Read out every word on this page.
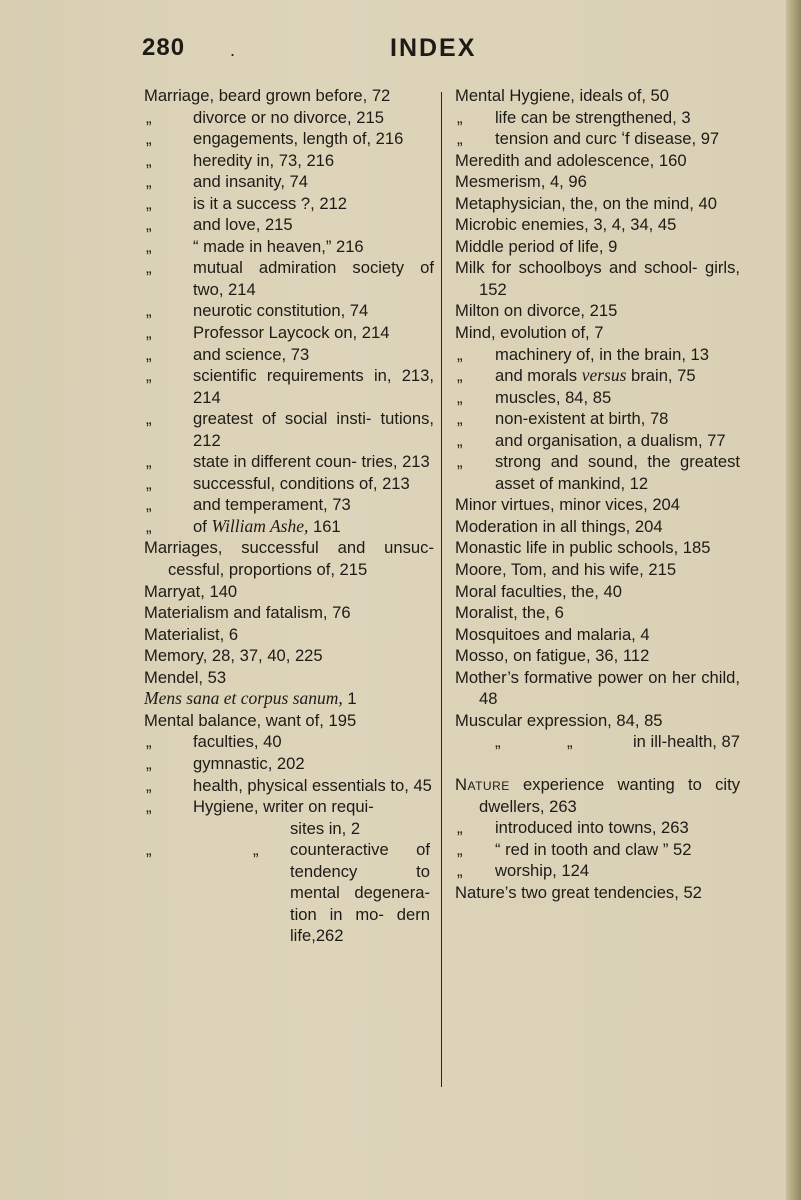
280 .	INDEX
Marriage, beard grown before, 72
„ divorce or no divorce, 215
„ engagements, length of, 216
„ heredity in, 73, 216
„ and insanity, 74
„ is it a success ?, 212
„ and love, 215
„ “ made in heaven,” 216
„ mutual admiration society of two, 214
„ neurotic constitution, 74
„ Professor Laycock on, 214
„ and science, 73
„ scientific requirements in, 213, 214
„ greatest of social insti- tutions, 212
„ state in different coun- tries, 213
„ successful, conditions of, 213
„ and temperament, 73
„ of William Ashe, 161
Marriages, successful and unsuc- cessful, proportions of, 215
Marryat, 140
Materialism and fatalism, 76
Materialist, 6
Memory, 28, 37, 40, 225
Mendel, 53
Mens sana et corpus sanum, 1
Mental balance, want of, 195
„ faculties, 40
„ gymnastic, 202
„ health, physical essentials to, 45
„ Hygiene, writer on requi-
sites in, 2
„	„ counteractive of tendency to mental degenera- tion in mo- dern life,262
Mental Hygiene, ideals of, 50
„ life can be strengthened, 3
„ tension and curc ʻf disease, 97
Meredith and adolescence, 160
Mesmerism, 4, 96
Metaphysician, the, on the mind, 40
Microbic enemies, 3, 4, 34, 45
Middle period of life, 9
Milk for schoolboys and school- girls, 152
Milton on divorce, 215
Mind, evolution of, 7
„ machinery of, in the brain, 13
„ and morals versus brain, 75
„ muscles, 84, 85
„ non-existent at birth, 78
„ and organisation, a dualism, 77
„ strong and sound, the greatest asset of mankind, 12
Minor virtues, minor vices, 204
Moderation in all things, 204
Monastic life in public schools, 185
Moore, Tom, and his wife, 215
Moral faculties, the, 40
Moralist, the, 6
Mosquitoes and malaria, 4
Mosso, on fatigue, 36, 112
Mother’s formative power on her child, 48
Muscular expression, 84, 85
„	„	in ill-health, 87
Nature experience wanting to city dwellers, 263
„ introduced into towns, 263
„ “ red in tooth and claw ” 52
„ worship, 124
Nature’s two great tendencies, 52
